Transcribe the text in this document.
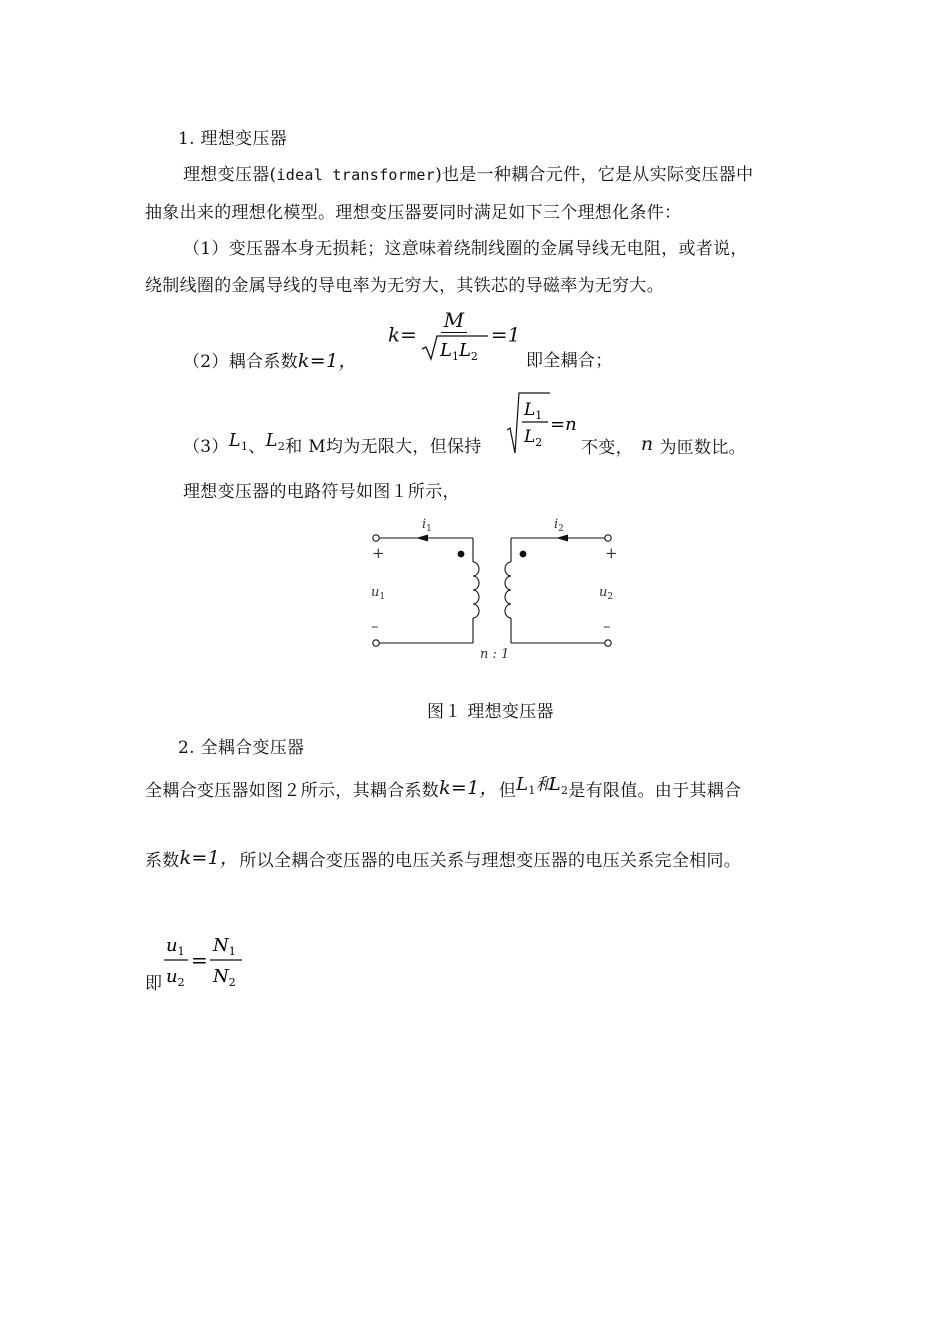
1. 理想变压器
理想变压器(ideal transformer)也是一种耦合元件，它是从实际变压器中
抽象出来的理想化模型。理想变压器要同时满足如下三个理想化条件：
（1）变压器本身无损耗；这意味着绕制线圈的金属导线无电阻，或者说，
绕制线圈的金属导线的导电率为无穷大，其铁芯的导磁率为无穷大。
（2）耦合系数k=1，
$k= \frac{M}{L_1L_2} =1$
即全耦合；
$(3)L_1$、$L_2$和 M均为无限大，但保持
$L_1$
$L_2$
=n
不变， n 为匝数比。
理想变压器的电路符号如图１所示，
$i_1$	$i_2$
+	+
$u_1$	$u_2$
–	–
n : 1
图１ 理想变压器
2. 全耦合变压器
全耦合变压器如图２所示，其耦合系数k=1，但$L_1$和$L_2$是有限值。由于其耦合
系数k=1，所以全耦合变压器的电压关系与理想变压器的电压关系完全相同。
即
$u_1$
$u_2$
=
$N_1$
$N_2$
